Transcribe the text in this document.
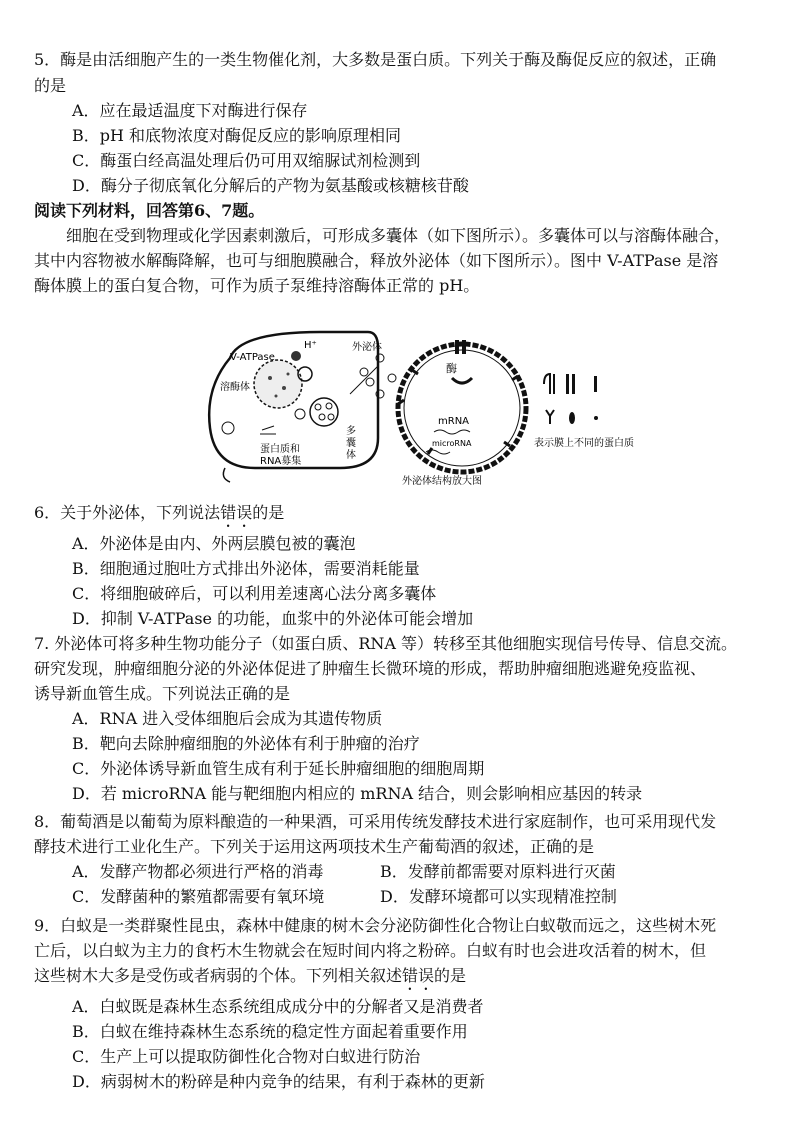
5．酶是由活细胞产生的一类生物催化剂，大多数是蛋白质。下列关于酶及酶促反应的叙述，正确
的是
A．应在最适温度下对酶进行保存
B．pH 和底物浓度对酶促反应的影响原理相同
C．酶蛋白经高温处理后仍可用双缩脲试剂检测到
D．酶分子彻底氧化分解后的产物为氨基酸或核糖核苷酸
阅读下列材料，回答第6、7题。
细胞在受到物理或化学因素刺激后，可形成多囊体（如下图所示）。多囊体可以与溶酶体融合，
其中内容物被水解酶降解，也可与细胞膜融合，释放外泌体（如下图所示）。图中 V-ATPase 是溶
酶体膜上的蛋白复合物，可作为质子泵维持溶酶体正常的 pH。
V-ATPase
H⁺
溶酶体
外泌体
多
囊
体
蛋白质和
RNA募集
酶
mRNA
microRNA
外泌体结构放大图
表示膜上不同的蛋白质
6．关于外泌体，下列说法错误的是
A．外泌体是由内、外两层膜包被的囊泡
B．细胞通过胞吐方式排出外泌体，需要消耗能量
C．将细胞破碎后，可以利用差速离心法分离多囊体
D．抑制 V-ATPase 的功能，血浆中的外泌体可能会增加
7. 外泌体可将多种生物功能分子（如蛋白质、RNA 等）转移至其他细胞实现信号传导、信息交流。
研究发现，肿瘤细胞分泌的外泌体促进了肿瘤生长微环境的形成，帮助肿瘤细胞逃避免疫监视、
诱导新血管生成。下列说法正确的是
A．RNA 进入受体细胞后会成为其遗传物质
B．靶向去除肿瘤细胞的外泌体有利于肿瘤的治疗
C．外泌体诱导新血管生成有利于延长肿瘤细胞的细胞周期
D．若 microRNA 能与靶细胞内相应的 mRNA 结合，则会影响相应基因的转录
8．葡萄酒是以葡萄为原料酿造的一种果酒，可采用传统发酵技术进行家庭制作，也可采用现代发
酵技术进行工业化生产。下列关于运用这两项技术生产葡萄酒的叙述，正确的是
A．发酵产物都必须进行严格的消毒	B．发酵前都需要对原料进行灭菌
C．发酵菌种的繁殖都需要有氧环境	D．发酵环境都可以实现精准控制
9．白蚁是一类群聚性昆虫，森林中健康的树木会分泌防御性化合物让白蚁敬而远之，这些树木死
亡后，以白蚁为主力的食朽木生物就会在短时间内将之粉碎。白蚁有时也会进攻活着的树木，但
这些树木大多是受伤或者病弱的个体。下列相关叙述错误的是
A．白蚁既是森林生态系统组成成分中的分解者又是消费者
B．白蚁在维持森林生态系统的稳定性方面起着重要作用
C．生产上可以提取防御性化合物对白蚁进行防治
D．病弱树木的粉碎是种内竞争的结果，有利于森林的更新
